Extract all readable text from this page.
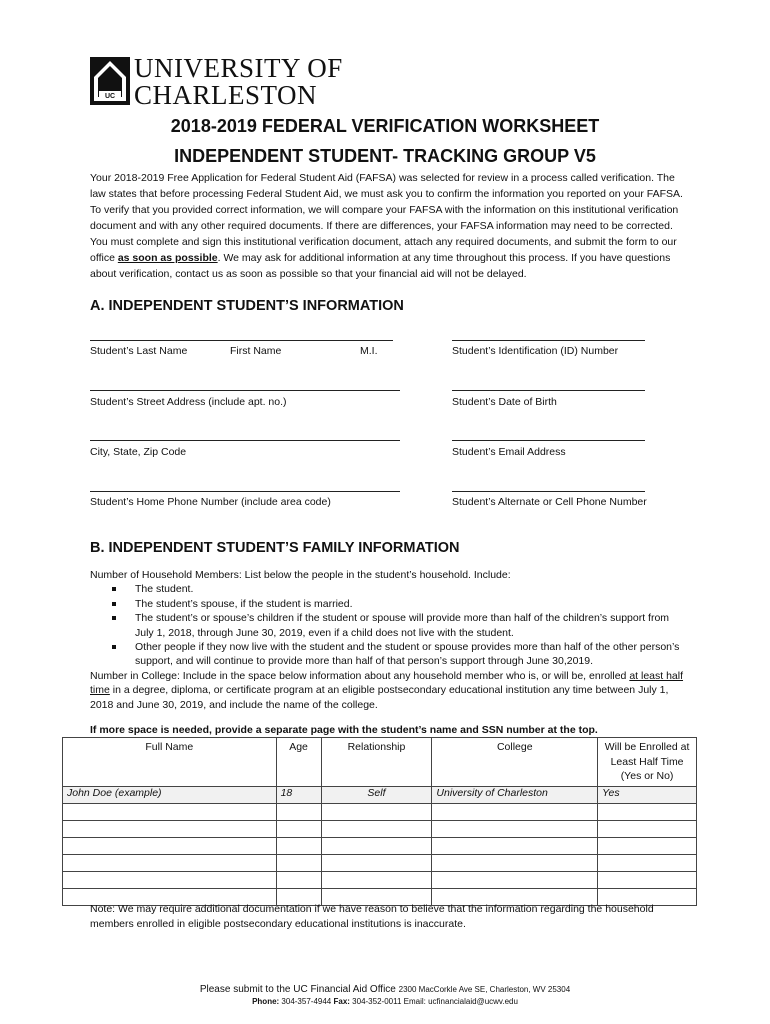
UC
UNIVERSITY OF
CHARLESTON
2018-2019 FEDERAL VERIFICATION WORKSHEET
INDEPENDENT STUDENT- TRACKING GROUP V5
Your 2018-2019 Free Application for Federal Student Aid (FAFSA) was selected for review in a process called verification. The law states that before processing Federal Student Aid, we must ask you to confirm the information you reported on your FAFSA. To verify that you provided correct information, we will compare your FAFSA with the information on this institutional verification document and with any other required documents. If there are differences, your FAFSA information may need to be corrected. You must complete and sign this institutional verification document, attach any required documents, and submit the form to our office as soon as possible. We may ask for additional information at any time throughout this process. If you have questions about verification, contact us as soon as possible so that your financial aid will not be delayed.
A. INDEPENDENT STUDENT’S INFORMATION
Student’s Last Name	First Name	M.I.	Student’s Identification (ID) Number
Student’s Street Address (include apt. no.)	Student’s Date of Birth
City, State, Zip Code	Student’s Email Address
Student’s Home Phone Number (include area code)	Student’s Alternate or Cell Phone Number
B. INDEPENDENT STUDENT’S FAMILY INFORMATION
Number of Household Members: List below the people in the student’s household. Include:
The student.
The student’s spouse, if the student is married.
The student’s or spouse’s children if the student or spouse will provide more than half of the children’s support from July 1, 2018, through June 30, 2019, even if a child does not live with the student.
Other people if they now live with the student and the student or spouse provides more than half of the other person’s support, and will continue to provide more than half of that person’s support through June 30,2019.
Number in College: Include in the space below information about any household member who is, or will be, enrolled at least half time in a degree, diploma, or certificate program at an eligible postsecondary educational institution any time between July 1, 2018 and June 30, 2019, and include the name of the college.
If more space is needed, provide a separate page with the student’s name and SSN number at the top.
Full Name	Age	Relationship	College	Will be Enrolled at Least Half Time (Yes or No)
John Doe (example)	18	Self	University of Charleston	Yes

Note: We may require additional documentation if we have reason to believe that the information regarding the household members enrolled in eligible postsecondary educational institutions is inaccurate.
Please submit to the UC Financial Aid Office 2300 MacCorkle Ave SE, Charleston, WV 25304
Phone: 304-357-4944 Fax: 304-352-0011 Email: ucfinancialaid@ucwv.edu
